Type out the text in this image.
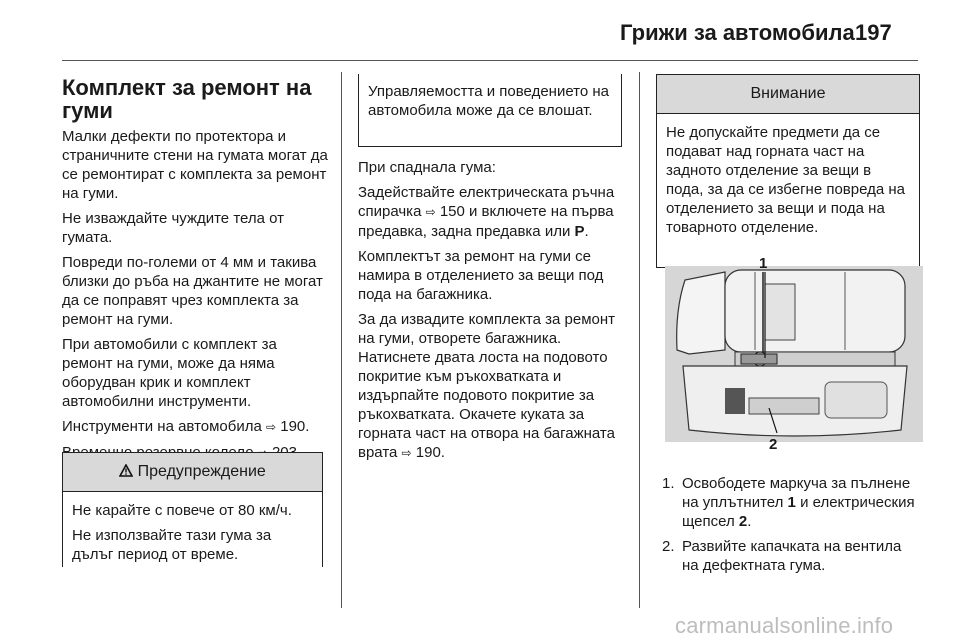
Грижи за автомобила 197
Комплект за ремонт на гуми

Малки дефекти по протектора и страничните стени на гумата могат да се ремонтират с комплекта за ремонт на гуми.

Не изваждайте чуждите тела от гумата.

Повреди по-големи от 4 мм и такива близки до ръба на джантите не могат да се поправят чрез комплекта за ремонт на гуми.

При автомобили с комплект за ремонт на гуми, може да няма оборудван крик и комплект автомобилни инструменти.

Инструменти на автомобила ⇨ 190.

Предупреждение

Не карайте с повече от 80 км/ч.

Не използвайте тази гума за дълъг период от време.

Управляемостта и поведението на автомобила може да се влошат.

При спаднала гума:

Задействайте електрическата ръчна спирачка ⇨ 150 и включете на първа предавка, задна предавка или P.

Комплектът за ремонт на гуми се намира в отделението за вещи под пода на багажника.

За да извадите комплекта за ремонт на гуми, отворете багажника. Натиснете двата лоста на подовото покритие към ръкохватката и издърпайте подовото покритие за ръкохватката. Окачете куката за горната част на отвора на багажната врата ⇨ 190.

Внимание
Не допускайте предмети да се подават над горната част на задното отделение за вещи в пода, за да се избегне повреда на отделението за вещи и пода на товарното отделение.
1
2
1. Освободете маркуча за пълнене на уплътнител 1 и електрическия щепсел 2.
2. Развийте капачката на вентила на дефектната гума.
carmanualsonline.info
